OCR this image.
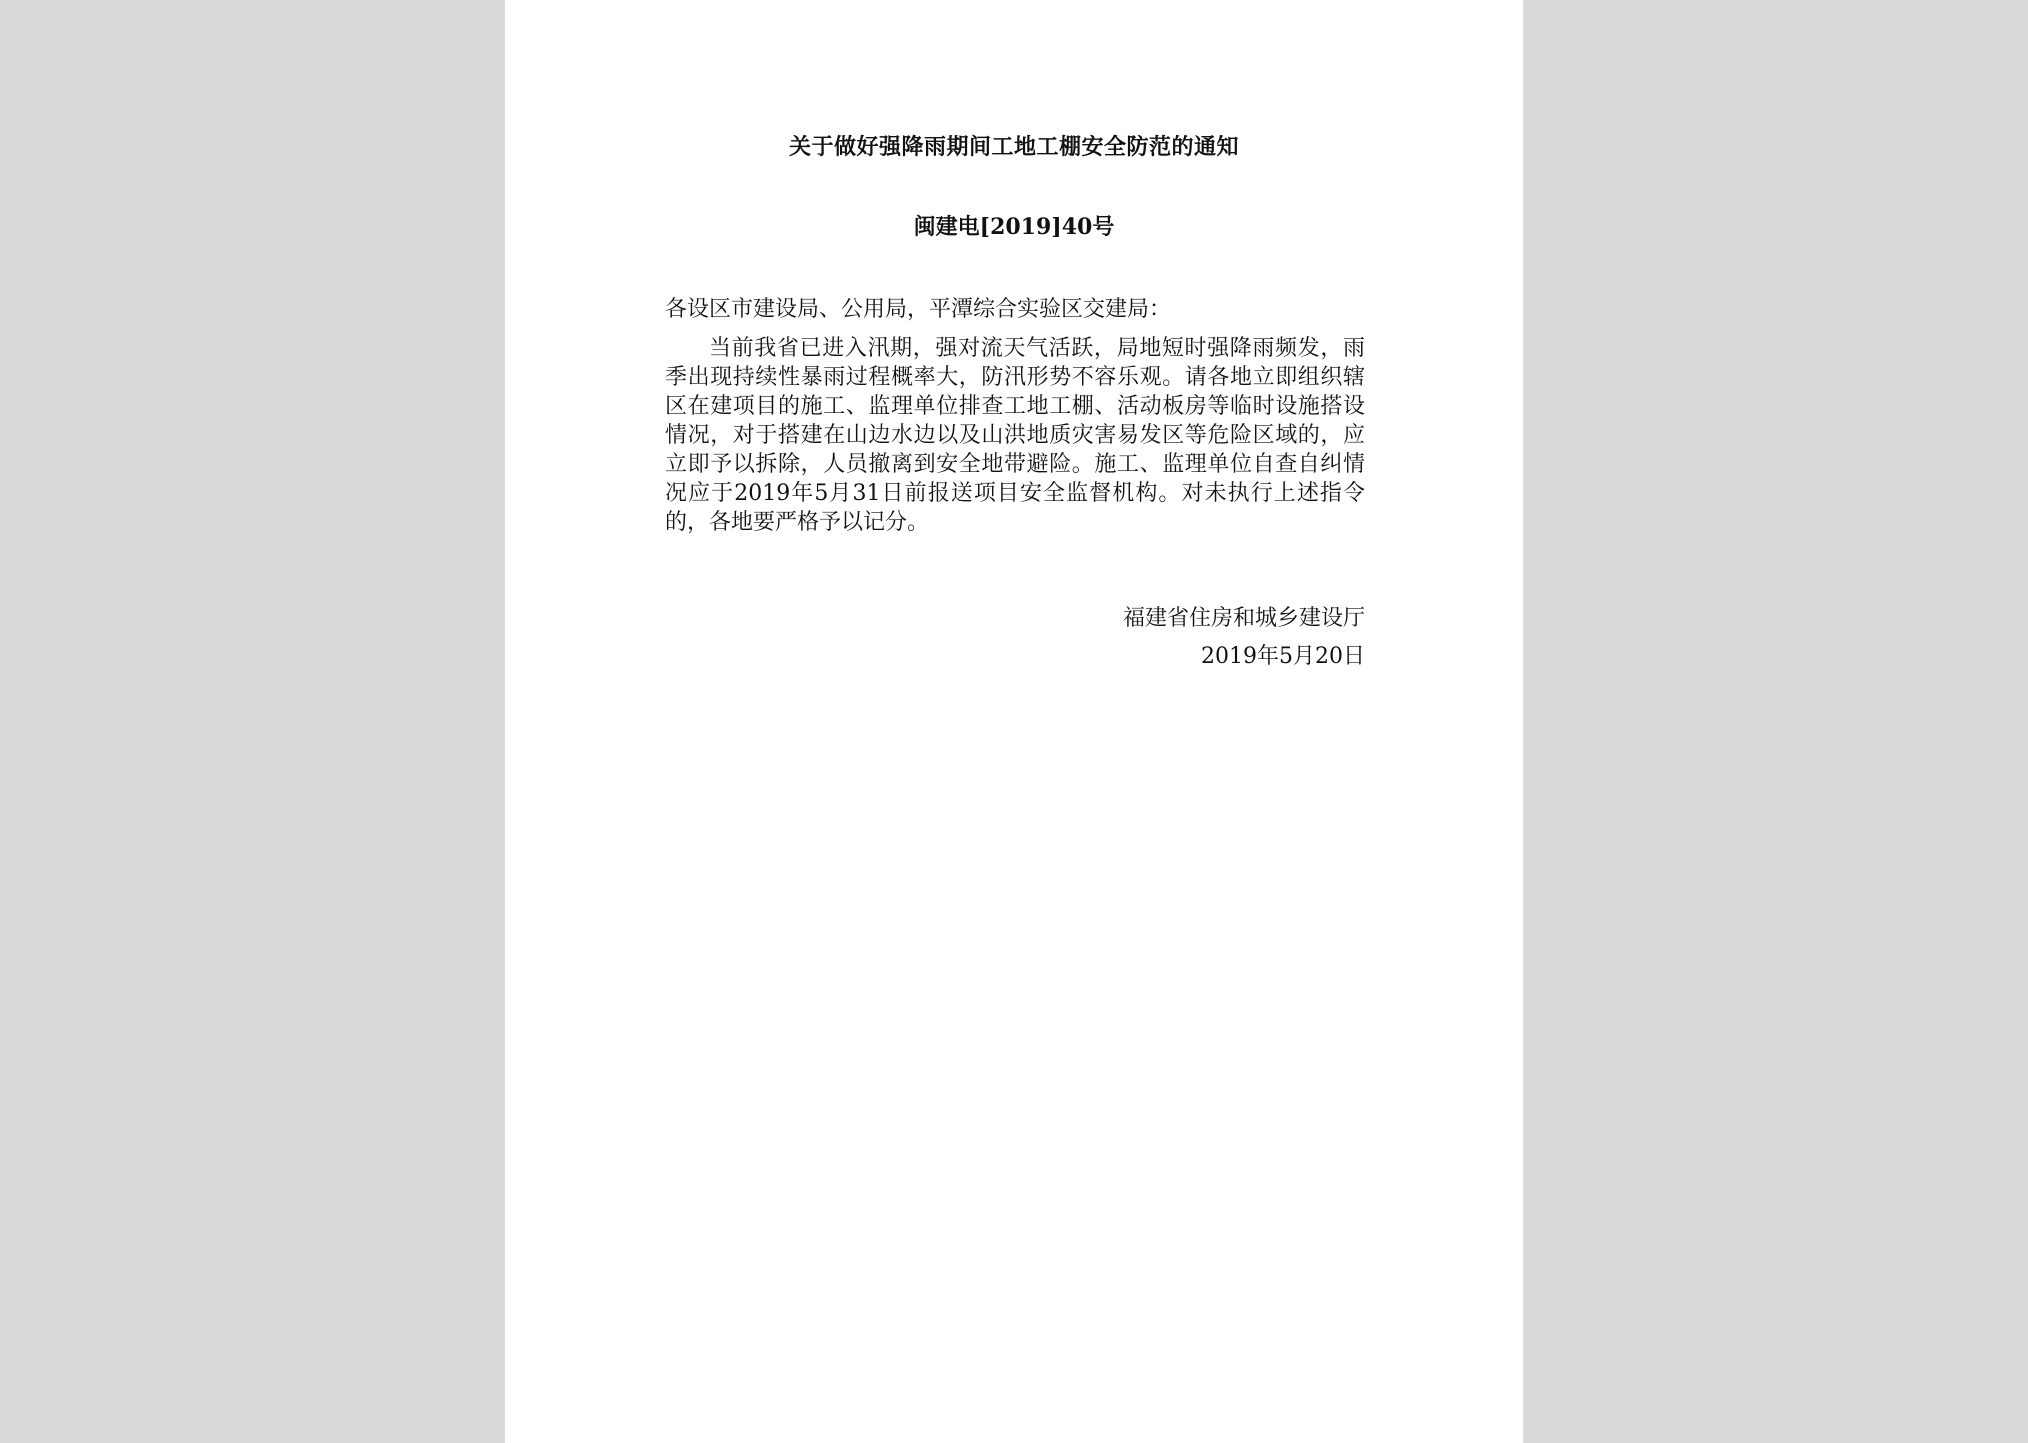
关于做好强降雨期间工地工棚安全防范的通知
闽建电[2019]40号

各设区市建设局、公用局，平潭综合实验区交建局：

当前我省已进入汛期，强对流天气活跃，局地短时强降雨频发，雨季出现持续性暴雨过程概率大，防汛形势不容乐观。请各地立即组织辖区在建项目的施工、监理单位排查工地工棚、活动板房等临时设施搭设情况，对于搭建在山边水边以及山洪地质灾害易发区等危险区域的，应立即予以拆除，人员撤离到安全地带避险。施工、监理单位自查自纠情况应于2019年5月31日前报送项目安全监督机构。对未执行上述指令的，各地要严格予以记分。

福建省住房和城乡建设厅
2019年5月20日
